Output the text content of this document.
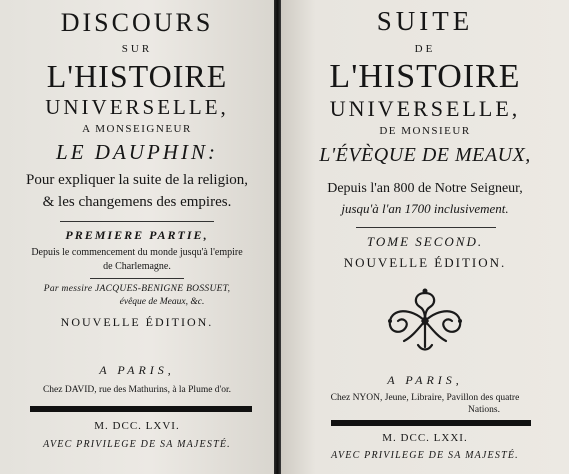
DISCOURS
SUR
L'HISTOIRE
UNIVERSELLE,
A MONSEIGNEUR
LE DAUPHIN:
Pour expliquer la suite de la religion,
& les changemens des empires.
PREMIERE PARTIE,
Depuis le commencement du monde jusqu'à l'empire
de Charlemagne.
Par messire JACQUES-BENIGNE BOSSUET,
évêque de Meaux, &c.
NOUVELLE ÉDITION.
A PARIS,
Chez DAVID, rue des Mathurins, à la Plume d'or.
M. DCC. LXVI.
AVEC PRIVILEGE DE SA MAJESTÉ.
SUITE
DE
L'HISTOIRE
UNIVERSELLE,
DE MONSIEUR
L'ÉVÈQUE DE MEAUX,
Depuis l'an 800 de Notre Seigneur,
jusqu'à l'an 1700 inclusivement.
TOME SECOND.
NOUVELLE ÉDITION.
A PARIS,
Chez NYON, Jeune, Libraire, Pavillon des quatre
Nations.
M. DCC. LXXI.
AVEC PRIVILEGE DE SA MAJESTÉ.
